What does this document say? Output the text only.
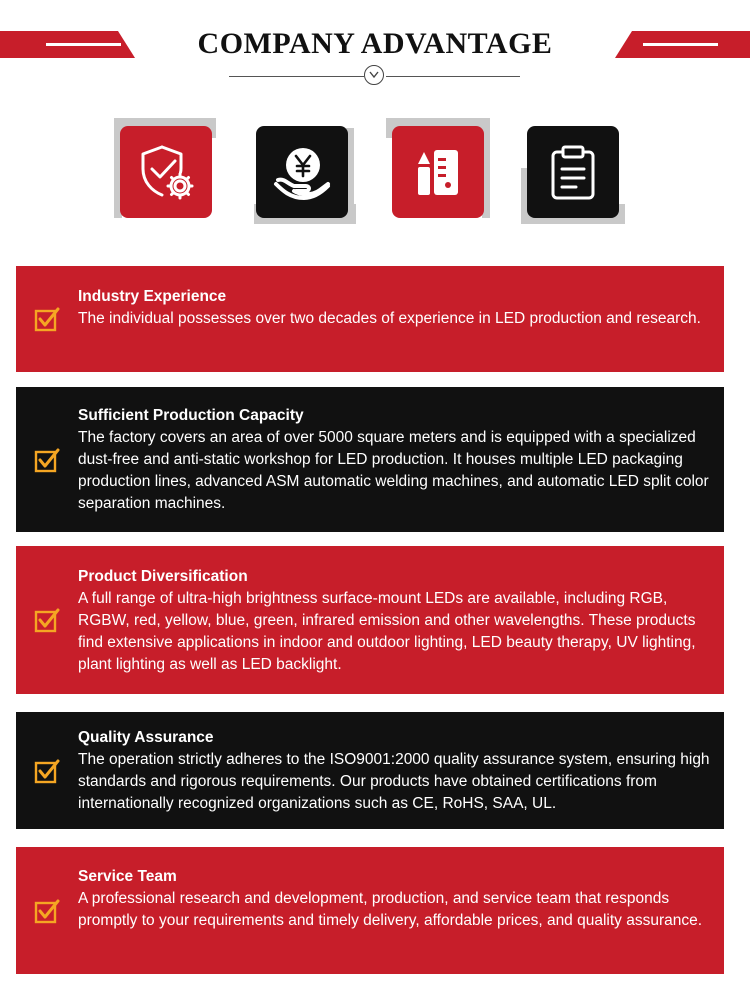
COMPANY ADVANTAGE
Industry Experience
The individual possesses over two decades of experience in LED production and research.
Sufficient Production Capacity
The factory covers an area of over 5000 square meters and is equipped with a specialized dust-free and anti-static workshop for LED production. It houses multiple LED packaging production lines, advanced ASM automatic welding machines, and automatic LED split color separation machines.
Product Diversification
A full range of ultra-high brightness surface-mount LEDs are available, including RGB, RGBW, red, yellow, blue, green, infrared emission and other wavelengths. These products find extensive applications in indoor and outdoor lighting, LED beauty therapy, UV lighting, plant lighting as well as LED backlight.
Quality Assurance
The operation strictly adheres to the ISO9001:2000 quality assurance system, ensuring high standards and rigorous requirements. Our products have obtained certifications from internationally recognized organizations such as CE, RoHS, SAA, UL.
Service Team
A professional research and development, production, and service team that responds promptly to your requirements and timely delivery, affordable prices, and quality assurance.
